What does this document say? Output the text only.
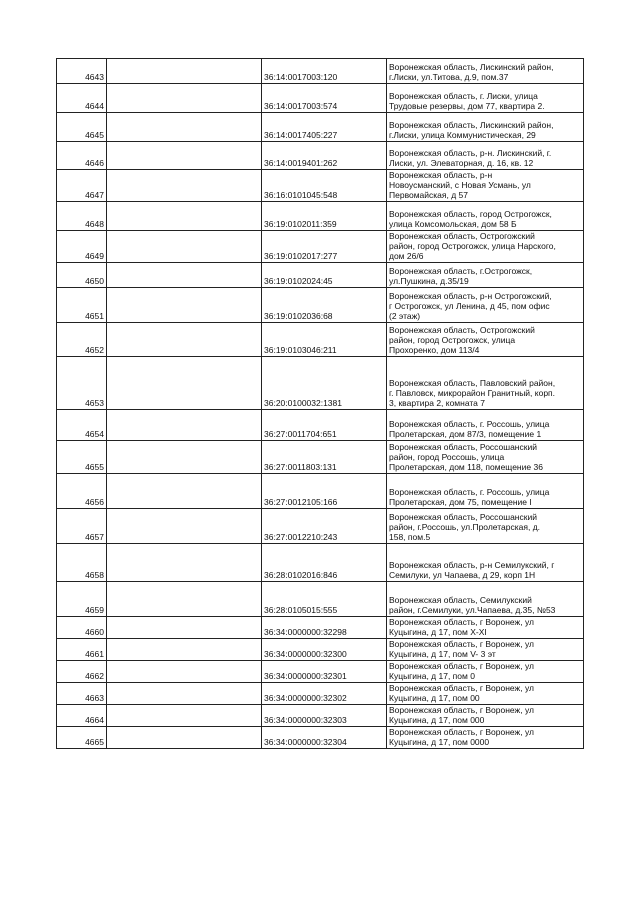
4643		36:14:0017003:120	Воронежская область, Лискинский район,
г.Лиски, ул.Титова, д.9, пом.37

4644		36:14:0017003:574	Воронежская область, г. Лиски, улица
Трудовые резервы, дом 77, квартира 2.

4645		36:14:0017405:227	Воронежская область, Лискинский район,
г.Лиски, улица Коммунистическая, 29

4646		36:14:0019401:262	Воронежская область, р-н. Лискинский, г.
Лиски, ул. Элеваторная, д. 16, кв. 12

4647		36:16:0101045:548	Воронежская область, р-н
Новоусманский, с Новая Усмань, ул
Первомайская, д 57

4648		36:19:0102011:359	Воронежская область, город Острогожск,
улица Комсомольская, дом 58 Б

4649		36:19:0102017:277	Воронежская область, Острогожский
район, город Острогожск, улица Нарского,
дом 26/6

4650		36:19:0102024:45	Воронежская область, г.Острогожск,
ул.Пушкина, д.35/19

4651		36:19:0102036:68	Воронежская область, р-н Острогожский,
г Острогожск, ул Ленина, д 45, пом офис
(2 этаж)

4652		36:19:0103046:211	Воронежская область, Острогожский
район, город Острогожск, улица
Прохоренко, дом 113/4

4653		36:20:0100032:1381	Воронежская область, Павловский район,
г. Павловск, микрорайон Гранитный, корп.
3, квартира 2, комната 7

4654		36:27:0011704:651	Воронежская область, г. Россошь, улица
Пролетарская, дом 87/3, помещение 1

4655		36:27:0011803:131	Воронежская область, Россошанский
район, город Россошь, улица
Пролетарская, дом 118, помещение 36

4656		36:27:0012105:166	Воронежская область, г. Россошь, улица
Пролетарская, дом 75, помещение I

4657		36:27:0012210:243	Воронежская область, Россошанский
район, г.Россошь, ул.Пролетарская, д.
158, пом.5

4658		36:28:0102016:846	Воронежская область, р-н Семилукский, г
Семилуки, ул Чапаева, д 29, корп 1Н

4659		36:28:0105015:555	Воронежская область, Семилукский
район, г.Семилуки, ул.Чапаева, д.35, №53

4660		36:34:0000000:32298	Воронежская область, г Воронеж, ул
Куцыгина, д 17, пом X-XI

4661		36:34:0000000:32300	Воронежская область, г Воронеж, ул
Куцыгина, д 17, пом V- 3 эт

4662		36:34:0000000:32301	Воронежская область, г Воронеж, ул
Куцыгина, д 17, пом 0

4663		36:34:0000000:32302	Воронежская область, г Воронеж, ул
Куцыгина, д 17, пом 00

4664		36:34:0000000:32303	Воронежская область, г Воронеж, ул
Куцыгина, д 17, пом 000

4665		36:34:0000000:32304	Воронежская область, г Воронеж, ул
Куцыгина, д 17, пом 0000
